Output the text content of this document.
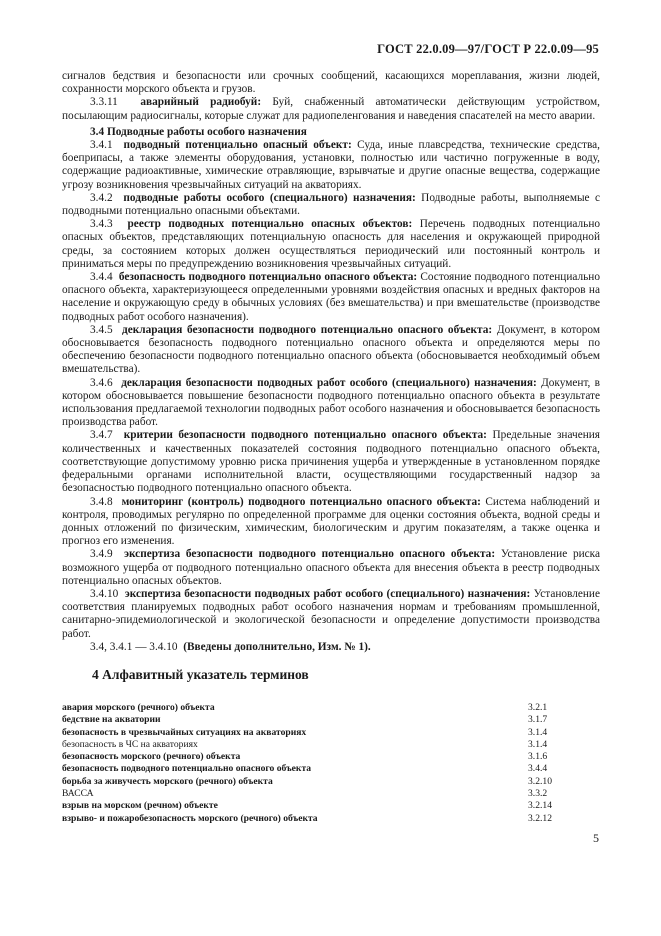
ГОСТ 22.0.09—97/ГОСТ Р 22.0.09—95

сигналов бедствия и безопасности или срочных сообщений, касающихся мореплавания, жизни людей, сохранности морского объекта и грузов.

3.3.11 аварийный радиобуй: Буй, снабженный автоматически действующим устройством, посылающим радиосигналы, которые служат для радиопеленгования и наведения спасателей на место аварии.

3.4 Подводные работы особого назначения

3.4.1 подводный потенциально опасный объект: Суда, иные плавсредства, технические средства, боеприпасы, а также элементы оборудования, установки, полностью или частично погруженные в воду, содержащие радиоактивные, химические отравляющие, взрывчатые и другие опасные вещества, содержащие угрозу возникновения чрезвычайных ситуаций на акваториях.

3.4.2 подводные работы особого (специального) назначения: Подводные работы, выполняемые с подводными потенциально опасными объектами.

3.4.3 реестр подводных потенциально опасных объектов: Перечень подводных потенциально опасных объектов, представляющих потенциальную опасность для населения и окружающей природной среды, за состоянием которых должен осуществляться периодический или постоянный контроль и приниматься меры по предупреждению возникновения чрезвычайных ситуаций.

3.4.4 безопасность подводного потенциально опасного объекта: Состояние подводного потенциально опасного объекта, характеризующееся определенными уровнями воздействия опасных и вредных факторов на население и окружающую среду в обычных условиях (без вмешательства) и при вмешательстве (производстве подводных работ особого назначения).

3.4.5 декларация безопасности подводного потенциально опасного объекта: Документ, в котором обосновывается безопасность подводного потенциально опасного объекта и определяются меры по обеспечению безопасности подводного потенциально опасного объекта (обосновывается необходимый объем вмешательства).

3.4.6 декларация безопасности подводных работ особого (специального) назначения: Документ, в котором обосновывается повышение безопасности подводного потенциально опасного объекта в результате использования предлагаемой технологии подводных работ особого назначения и обосновывается безопасность производства работ.

3.4.7 критерии безопасности подводного потенциально опасного объекта: Предельные значения количественных и качественных показателей состояния подводного потенциально опасного объекта, соответствующие допустимому уровню риска причинения ущерба и утвержденные в установленном порядке федеральными органами исполнительной власти, осуществляющими государственный надзор за безопасностью подводного потенциально опасного объекта.

3.4.8 мониторинг (контроль) подводного потенциально опасного объекта: Система наблюдений и контроля, проводимых регулярно по определенной программе для оценки состояния объекта, водной среды и донных отложений по физическим, химическим, биологическим и другим показателям, а также оценка и прогноз его изменения.

3.4.9 экспертиза безопасности подводного потенциально опасного объекта: Установление риска возможного ущерба от подводного потенциально опасного объекта для внесения объекта в реестр подводных потенциально опасных объектов.

3.4.10 экспертиза безопасности подводных работ особого (специального) назначения: Установление соответствия планируемых подводных работ особого назначения нормам и требованиям промышленной, санитарно-эпидемиологической и экологической безопасности и определение допустимости производства работ.

3.4, 3.4.1 — 3.4.10 (Введены дополнительно, Изм. № 1).

4 Алфавитный указатель терминов
авария морского (речного) объекта	3.2.1
бедствие на акватории	3.1.7
безопасность в чрезвычайных ситуациях на акваториях	3.1.4
безопасность в ЧС на акваториях	3.1.4
безопасность морского (речного) объекта	3.1.6
безопасность подводного потенциально опасного объекта	3.4.4
борьба за живучесть морского (речного) объекта	3.2.10
ВАССА	3.3.2
взрыв на морском (речном) объекте	3.2.14
взрыво- и пожаробезопасность морского (речного) объекта	3.2.12
5
